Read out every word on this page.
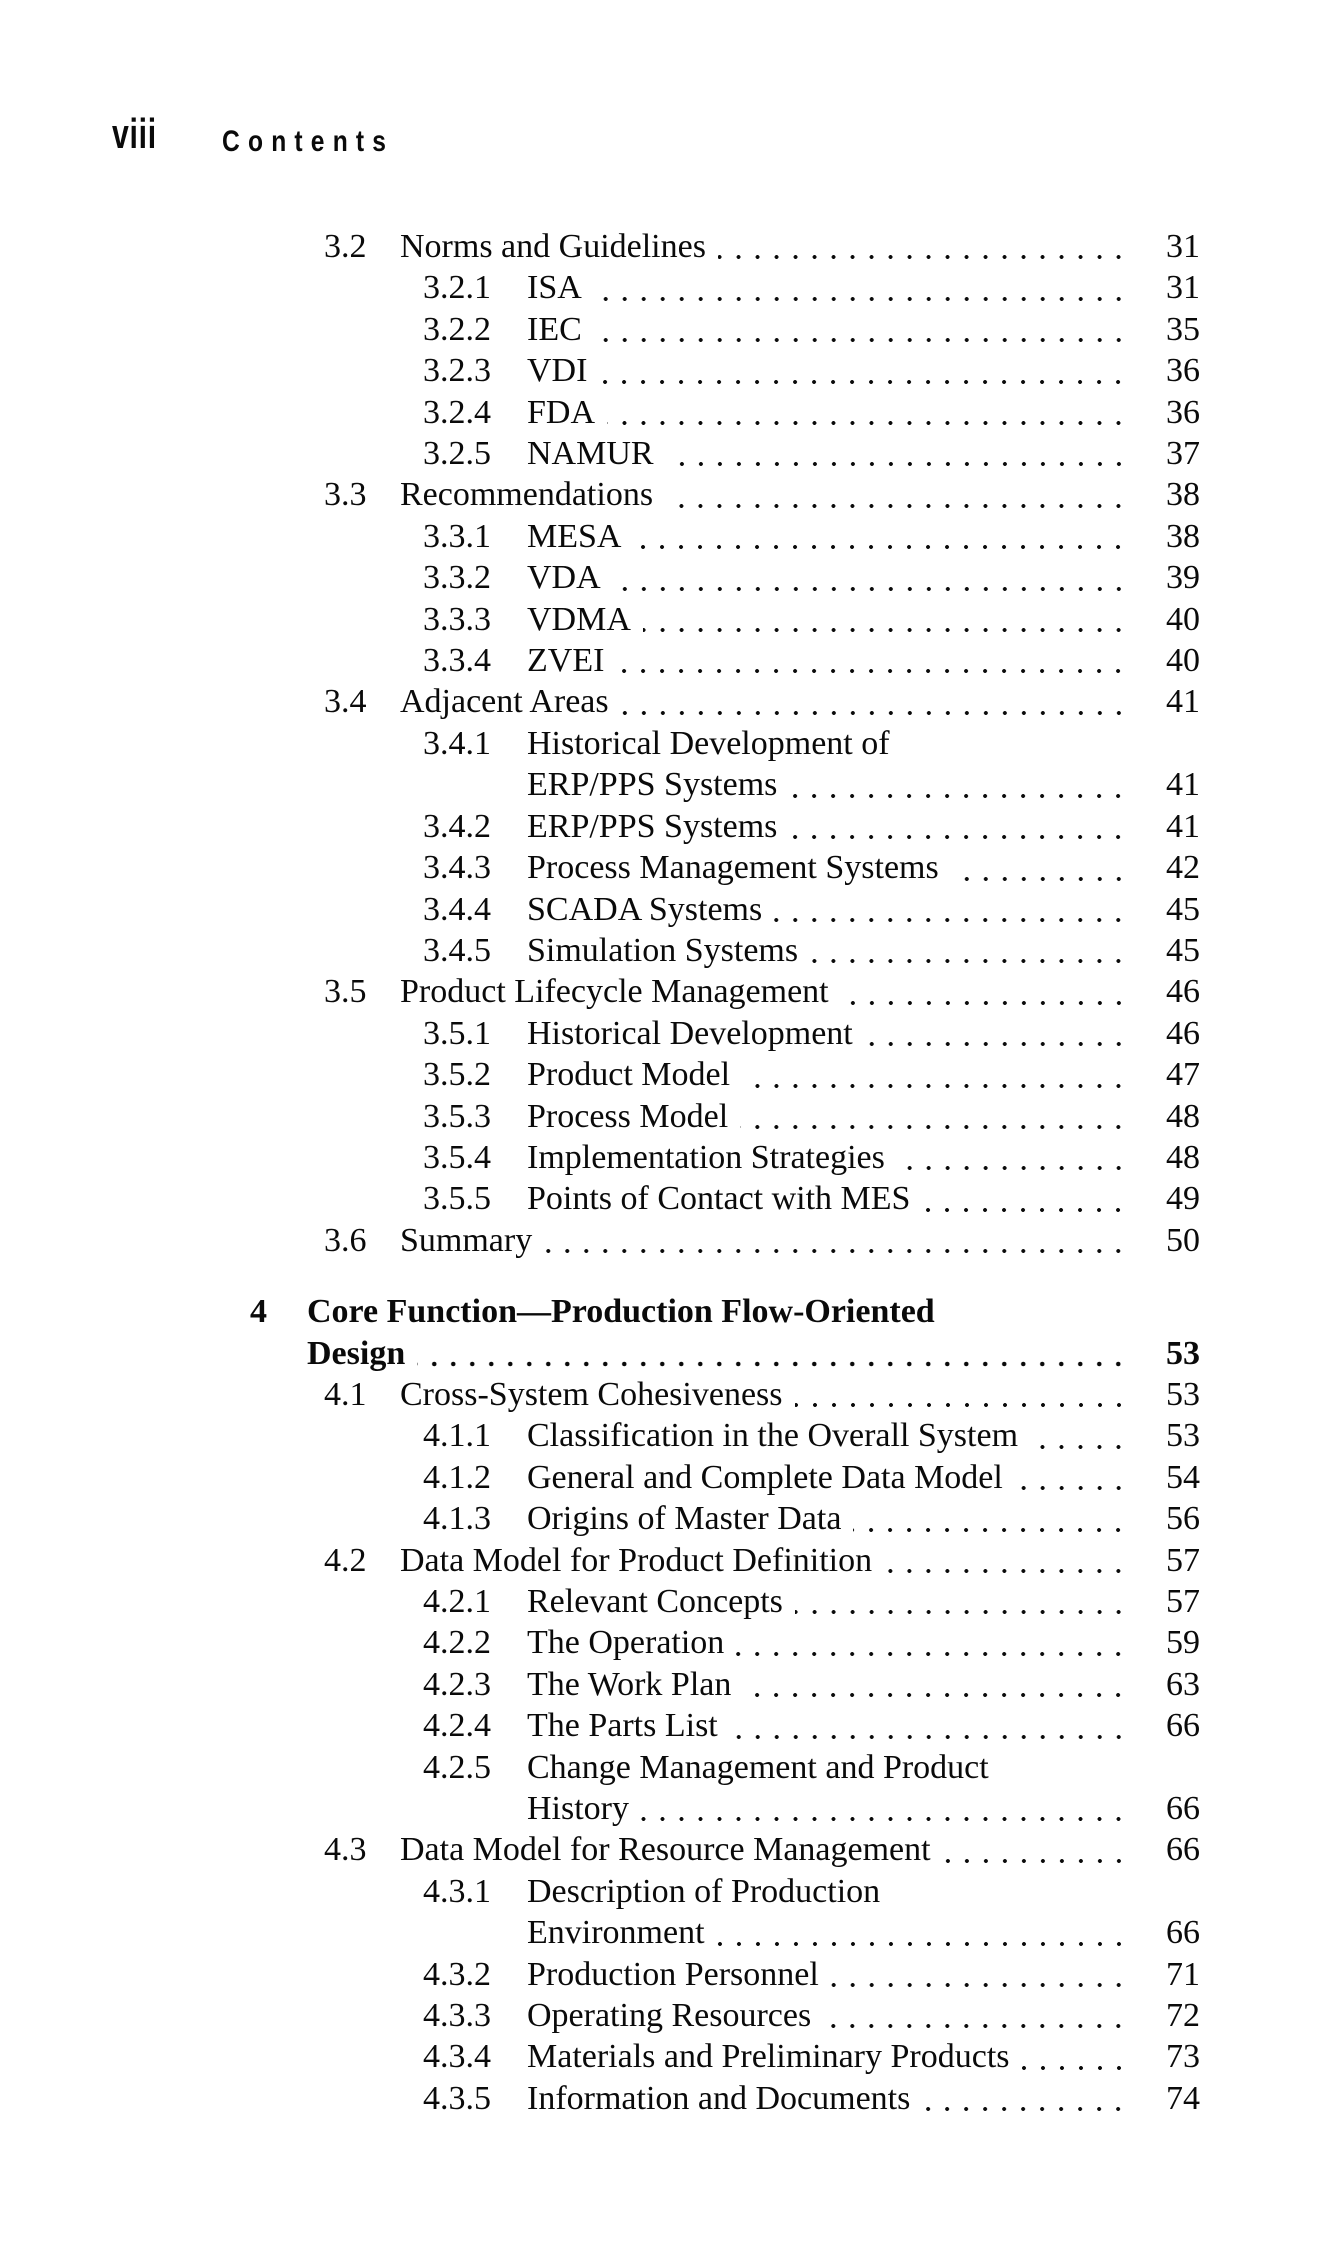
viii Contents
3.2 Norms and Guidelines	31
3.2.1	ISA	31
3.2.2	IEC	35
3.2.3	VDI	36
3.2.4	FDA	36
3.2.5	NAMUR	37
3.3 Recommendations	38
3.3.1	MESA	38
3.3.2	VDA	39
3.3.3	VDMA	40
3.3.4	ZVEI	40
3.4 Adjacent Areas	41
3.4.1	Historical Development of
ERP/PPS Systems	41
3.4.2	ERP/PPS Systems	41
3.4.3	Process Management Systems	42
3.4.4	SCADA Systems	45
3.4.5	Simulation Systems	45
3.5 Product Lifecycle Management	46
3.5.1	Historical Development	46
3.5.2	Product Model	47
3.5.3	Process Model	48
3.5.4	Implementation Strategies	48
3.5.5	Points of Contact with MES	49
3.6 Summary	50
4	Core Function—Production Flow-Oriented
Design	53
4.1 Cross-System Cohesiveness	53
4.1.1	Classification in the Overall System	53
4.1.2	General and Complete Data Model	54
4.1.3	Origins of Master Data	56
4.2 Data Model for Product Definition	57
4.2.1	Relevant Concepts	57
4.2.2	The Operation	59
4.2.3	The Work Plan	63
4.2.4	The Parts List	66
4.2.5	Change Management and Product
History	66
4.3 Data Model for Resource Management	66
4.3.1	Description of Production
Environment	66
4.3.2	Production Personnel	71
4.3.3	Operating Resources	72
4.3.4	Materials and Preliminary Products	73
4.3.5	Information and Documents	74
